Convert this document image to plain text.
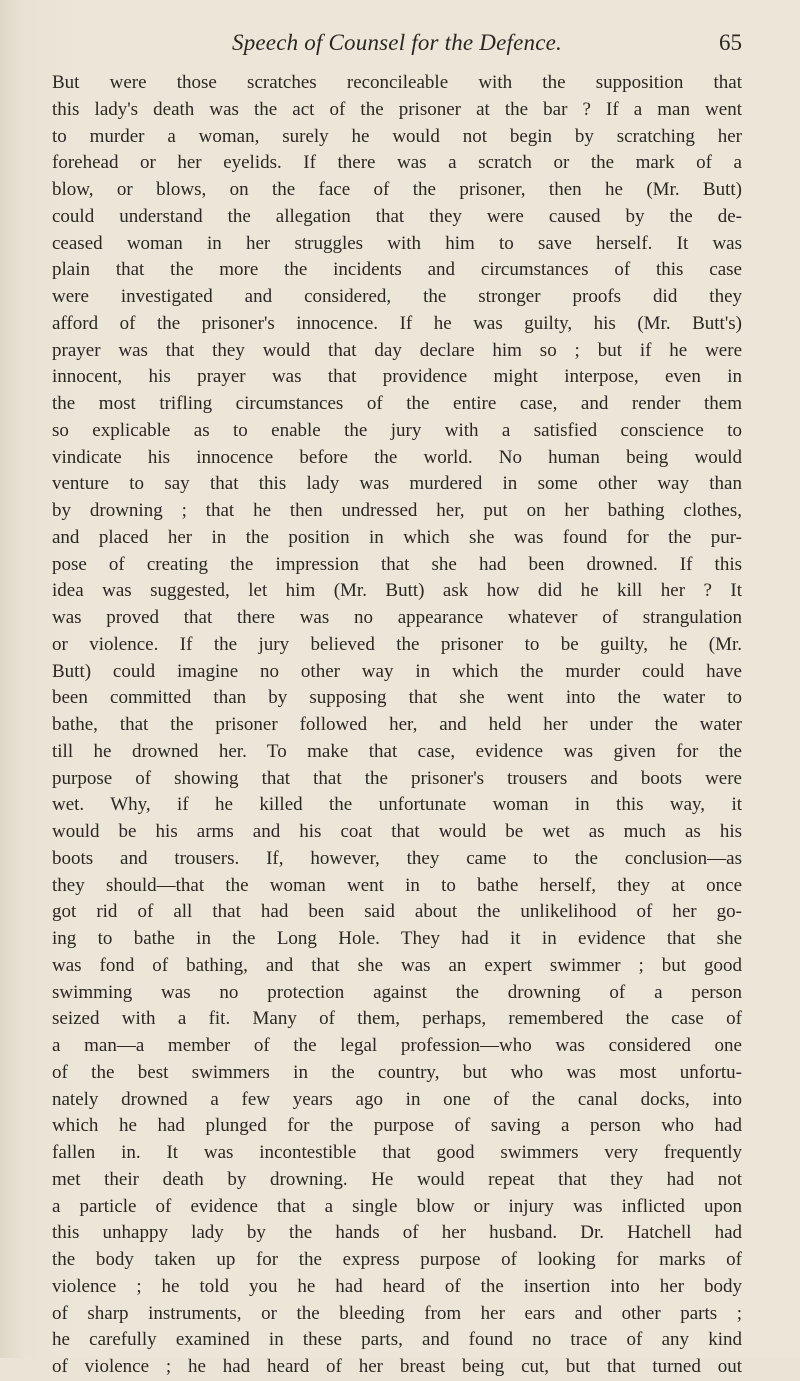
Speech of Counsel for the Defence.	65
But were those scratches reconcileable with the supposition that
this lady's death was the act of the prisoner at the bar ? If a man went
to murder a woman, surely he would not begin by scratching her
forehead or her eyelids. If there was a scratch or the mark of a
blow, or blows, on the face of the prisoner, then he (Mr. Butt)
could understand the allegation that they were caused by the de-
ceased woman in her struggles with him to save herself. It was
plain that the more the incidents and circumstances of this case
were investigated and considered, the stronger proofs did they
afford of the prisoner's innocence. If he was guilty, his (Mr. Butt's)
prayer was that they would that day declare him so ; but if he were
innocent, his prayer was that providence might interpose, even in
the most trifling circumstances of the entire case, and render them
so explicable as to enable the jury with a satisfied conscience to
vindicate his innocence before the world. No human being would
venture to say that this lady was murdered in some other way than
by drowning ; that he then undressed her, put on her bathing clothes,
and placed her in the position in which she was found for the pur-
pose of creating the impression that she had been drowned. If this
idea was suggested, let him (Mr. Butt) ask how did he kill her ? It
was proved that there was no appearance whatever of strangulation
or violence. If the jury believed the prisoner to be guilty, he (Mr.
Butt) could imagine no other way in which the murder could have
been committed than by supposing that she went into the water to
bathe, that the prisoner followed her, and held her under the water
till he drowned her. To make that case, evidence was given for the
purpose of showing that that the prisoner's trousers and boots were
wet. Why, if he killed the unfortunate woman in this way, it
would be his arms and his coat that would be wet as much as his
boots and trousers. If, however, they came to the conclusion—as
they should—that the woman went in to bathe herself, they at once
got rid of all that had been said about the unlikelihood of her go-
ing to bathe in the Long Hole. They had it in evidence that she
was fond of bathing, and that she was an expert swimmer ; but good
swimming was no protection against the drowning of a person
seized with a fit. Many of them, perhaps, remembered the case of
a man—a member of the legal profession—who was considered one
of the best swimmers in the country, but who was most unfortu-
nately drowned a few years ago in one of the canal docks, into
which he had plunged for the purpose of saving a person who had
fallen in. It was incontestible that good swimmers very frequently
met their death by drowning. He would repeat that they had not
a particle of evidence that a single blow or injury was inflicted upon
this unhappy lady by the hands of her husband. Dr. Hatchell had
the body taken up for the express purpose of looking for marks of
violence ; he told you he had heard of the insertion into her body
of sharp instruments, or the bleeding from her ears and other parts ;
he carefully examined in these parts, and found no trace of any kind
of violence ; he had heard of her breast being cut, but that turned out
